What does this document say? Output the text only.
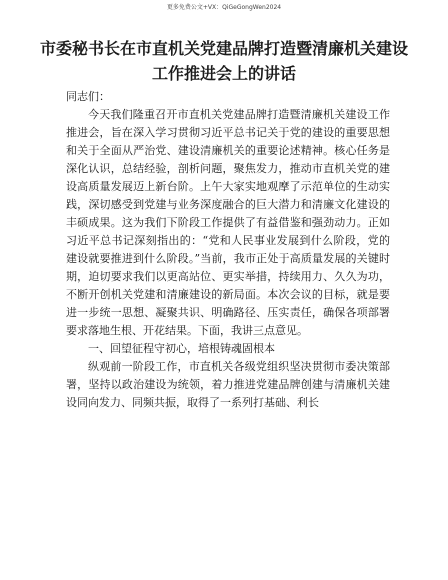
更多免费公文+VX：QiGeGongWen2024
市委秘书长在市直机关党建品牌打造暨清廉机关建设工作推进会上的讲话

同志们：

今天我们隆重召开市直机关党建品牌打造暨清廉机关建设工作推进会，旨在深入学习贯彻习近平总书记关于党的建设的重要思想和关于全面从严治党、建设清廉机关的重要论述精神。核心任务是深化认识，总结经验，剖析问题，聚焦发力，推动市直机关党的建设高质量发展迈上新台阶。上午大家实地观摩了示范单位的生动实践，深切感受到党建与业务深度融合的巨大潜力和清廉文化建设的丰硕成果。这为我们下阶段工作提供了有益借鉴和强劲动力。正如习近平总书记深刻指出的：“党和人民事业发展到什么阶段，党的建设就要推进到什么阶段。”当前，我市正处于高质量发展的关键时期，迫切要求我们以更高站位、更实举措，持续用力、久久为功，不断开创机关党建和清廉建设的新局面。本次会议的目标，就是要进一步统一思想、凝聚共识、明确路径、压实责任，确保各项部署要求落地生根、开花结果。下面，我讲三点意见。

一、回望征程守初心，培根铸魂固根本

纵观前一阶段工作，市直机关各级党组织坚决贯彻市委决策部署，坚持以政治建设为统领，着力推进党建品牌创建与清廉机关建设同向发力、同频共振，取得了一系列打基础、利长
